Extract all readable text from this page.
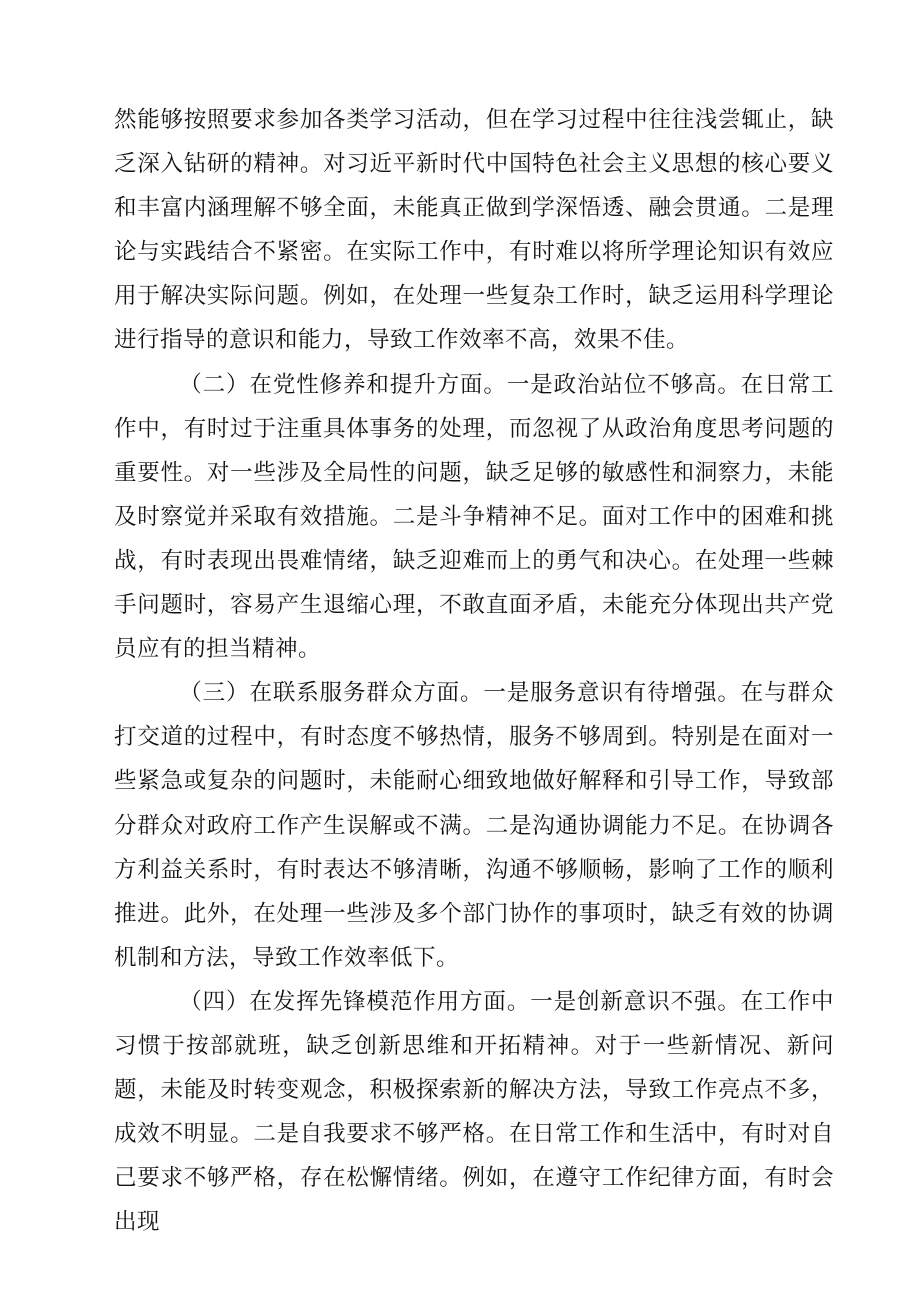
然能够按照要求参加各类学习活动，但在学习过程中往往浅尝辄止，缺乏深入钻研的精神。对习近平新时代中国特色社会主义思想的核心要义和丰富内涵理解不够全面，未能真正做到学深悟透、融会贯通。二是理论与实践结合不紧密。在实际工作中，有时难以将所学理论知识有效应用于解决实际问题。例如，在处理一些复杂工作时，缺乏运用科学理论进行指导的意识和能力，导致工作效率不高，效果不佳。

（二）在党性修养和提升方面。一是政治站位不够高。在日常工作中，有时过于注重具体事务的处理，而忽视了从政治角度思考问题的重要性。对一些涉及全局性的问题，缺乏足够的敏感性和洞察力，未能及时察觉并采取有效措施。二是斗争精神不足。面对工作中的困难和挑战，有时表现出畏难情绪，缺乏迎难而上的勇气和决心。在处理一些棘手问题时，容易产生退缩心理，不敢直面矛盾，未能充分体现出共产党员应有的担当精神。

（三）在联系服务群众方面。一是服务意识有待增强。在与群众打交道的过程中，有时态度不够热情，服务不够周到。特别是在面对一些紧急或复杂的问题时，未能耐心细致地做好解释和引导工作，导致部分群众对政府工作产生误解或不满。二是沟通协调能力不足。在协调各方利益关系时，有时表达不够清晰，沟通不够顺畅，影响了工作的顺利推进。此外，在处理一些涉及多个部门协作的事项时，缺乏有效的协调机制和方法，导致工作效率低下。

（四）在发挥先锋模范作用方面。一是创新意识不强。在工作中习惯于按部就班，缺乏创新思维和开拓精神。对于一些新情况、新问题，未能及时转变观念，积极探索新的解决方法，导致工作亮点不多，成效不明显。二是自我要求不够严格。在日常工作和生活中，有时对自己要求不够严格，存在松懈情绪。例如，在遵守工作纪律方面，有时会出现
